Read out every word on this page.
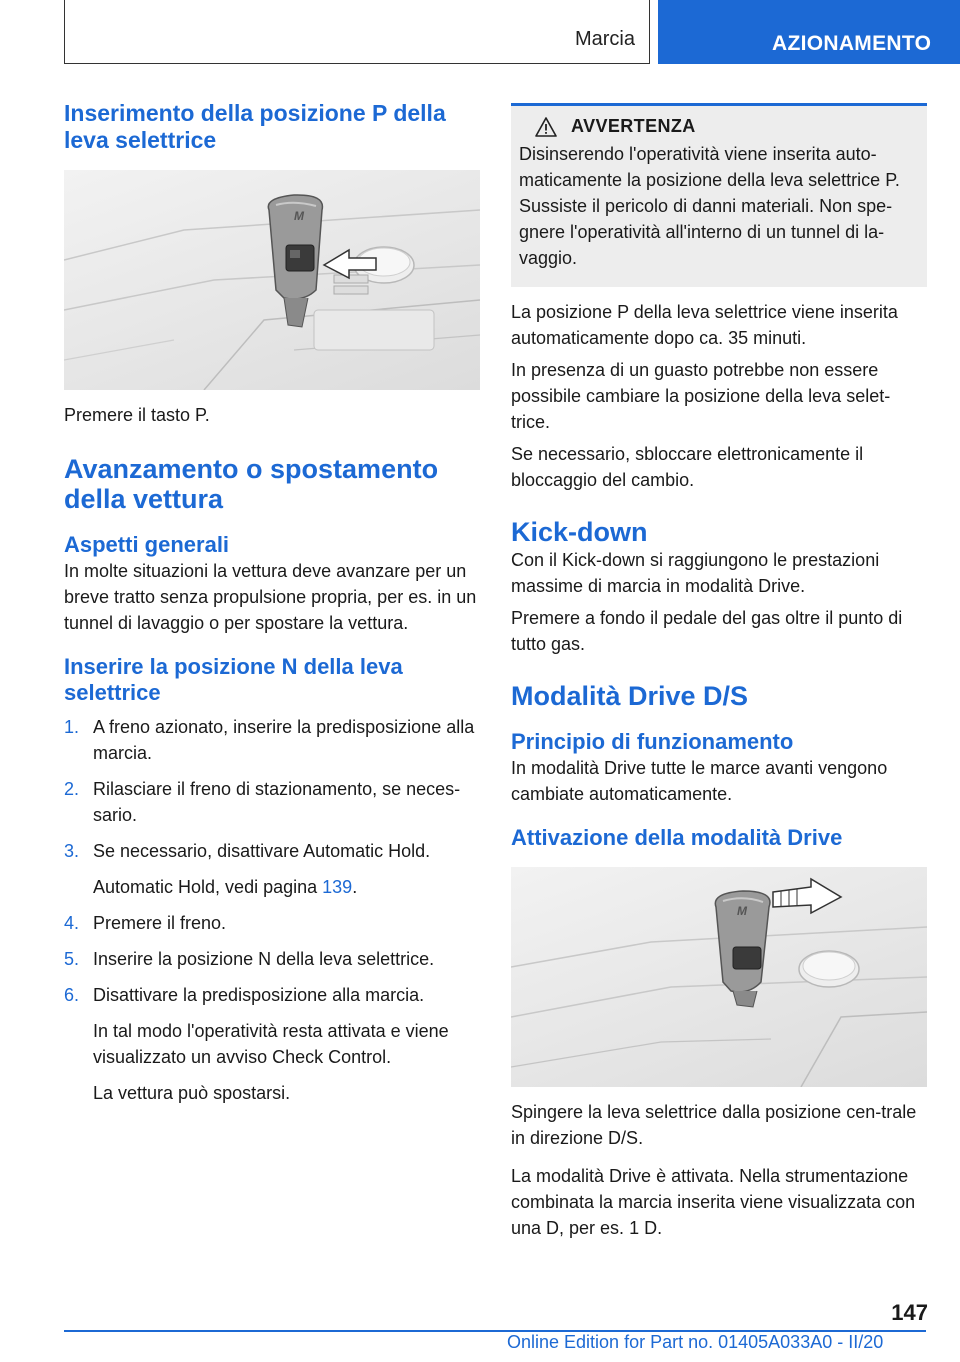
Marcia	AZIONAMENTO
Inserimento della posizione P della leva selettrice
M

Premere il tasto P.

Avanzamento o spostamento della vettura
Aspetti generali

In molte situazioni la vettura deve avanzare per un breve tratto senza propulsione propria, per es. in un tunnel di lavaggio o per spostare la vettura.

Inserire la posizione N della leva selettrice
1. A freno azionato, inserire la predisposizione alla marcia.
2. Rilasciare il freno di stazionamento, se neces-sario.
3. Se necessario, disattivare Automatic Hold.
Automatic Hold, vedi pagina 139.
4. Premere il freno.
5. Inserire la posizione N della leva selettrice.
6. Disattivare la predisposizione alla marcia.
In tal modo l'operatività resta attivata e viene visualizzato un avviso Check Control.
La vettura può spostarsi.
AVVERTENZA

Disinserendo l'operatività viene inserita auto-maticamente la posizione della leva selettrice P. Sussiste il pericolo di danni materiali. Non spe-gnere l'operatività all'interno di un tunnel di la-vaggio.

La posizione P della leva selettrice viene inserita automaticamente dopo ca. 35 minuti.

In presenza di un guasto potrebbe non essere possibile cambiare la posizione della leva selet-trice.

Se necessario, sbloccare elettronicamente il bloccaggio del cambio.

Kick-down

Con il Kick-down si raggiungono le prestazioni massime di marcia in modalità Drive.

Premere a fondo il pedale del gas oltre il punto di tutto gas.

Modalità Drive D/S
Principio di funzionamento

In modalità Drive tutte le marce avanti vengono cambiate automaticamente.

Attivazione della modalità Drive
M

Spingere la leva selettrice dalla posizione cen-trale in direzione D/S.

La modalità Drive è attivata. Nella strumentazione combinata la marcia inserita viene visualizzata con una D, per es. 1 D.

147
Online Edition for Part no. 01405A033A0 - II/20
